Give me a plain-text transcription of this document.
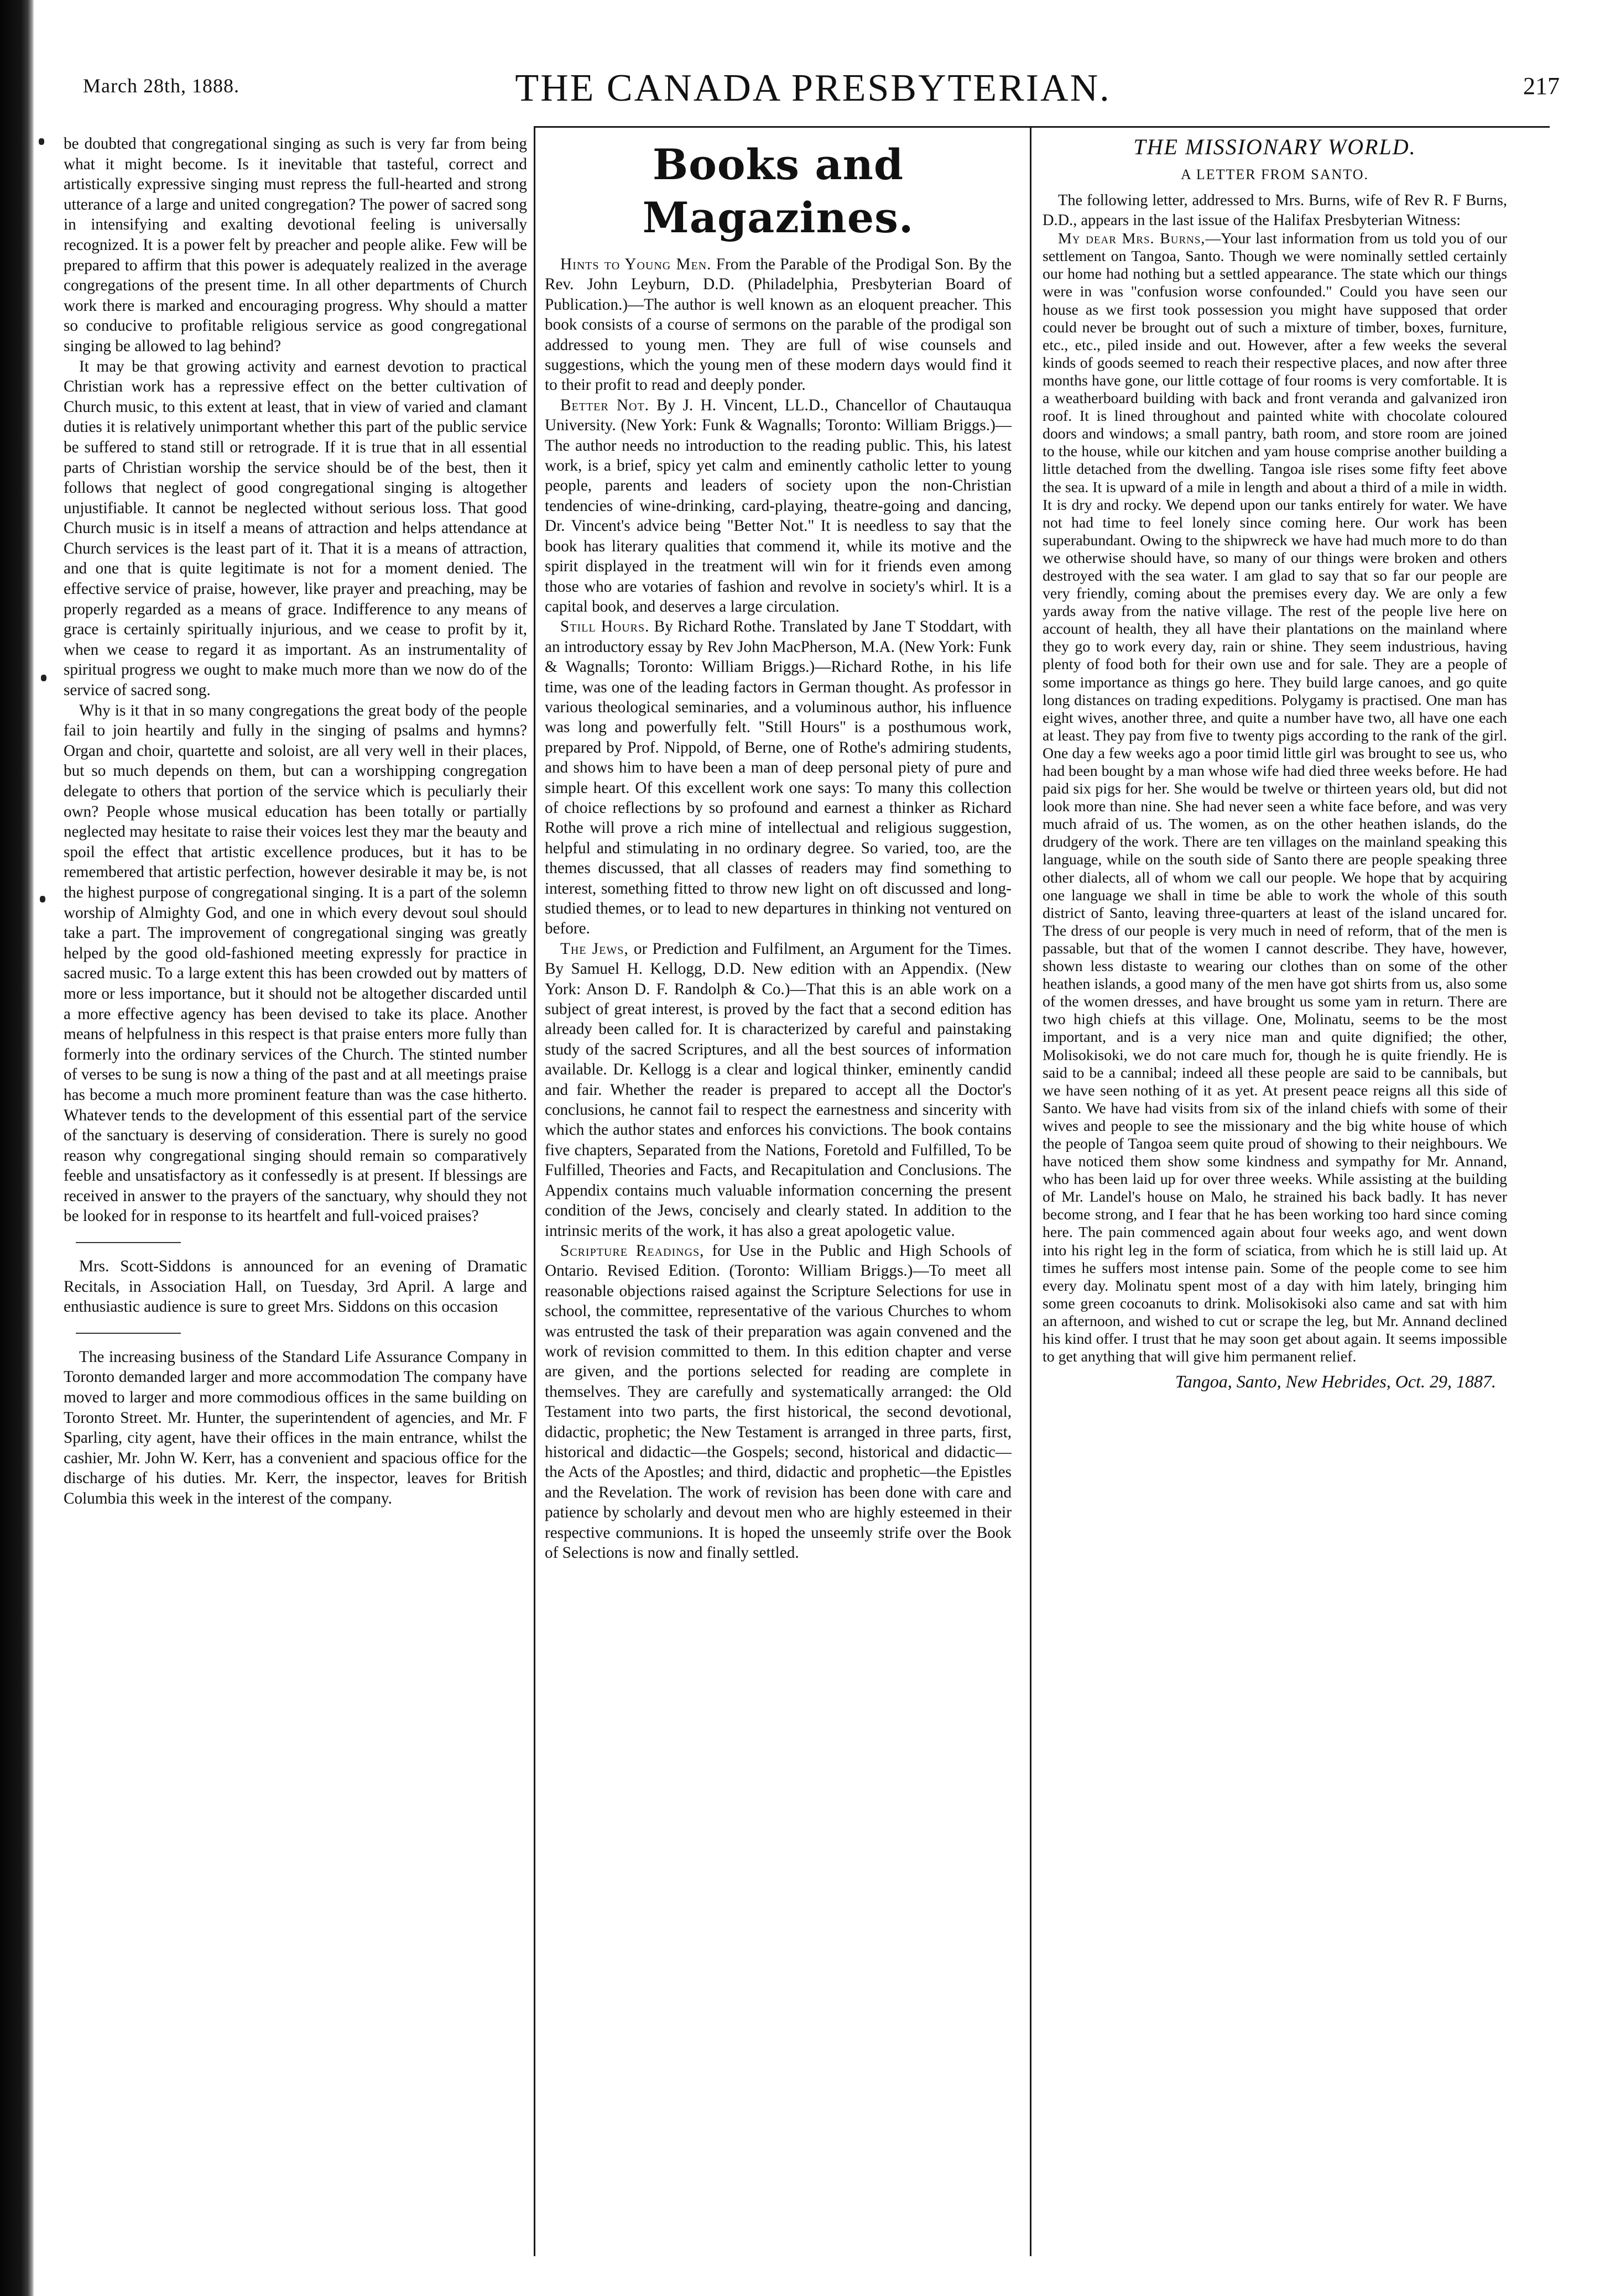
March 28th, 1888.	THE CANADA PRESBYTERIAN.	217

be doubted that congregational singing as such is very far from being what it might become. Is it inevitable that tasteful, correct and artistically expressive singing must repress the full-hearted and strong utterance of a large and united congregation? The power of sacred song in intensifying and exalting devotional feeling is universally recognized. It is a power felt by preacher and people alike. Few will be prepared to affirm that this power is adequately realized in the average congregations of the present time. In all other departments of Church work there is marked and encouraging progress. Why should a matter so conducive to profitable religious service as good congregational singing be allowed to lag behind?

It may be that growing activity and earnest devotion to practical Christian work has a repressive effect on the better cultivation of Church music, to this extent at least, that in view of varied and clamant duties it is relatively unimportant whether this part of the public service be suffered to stand still or retrograde. If it is true that in all essential parts of Christian worship the service should be of the best, then it follows that neglect of good congregational singing is altogether unjustifiable. It cannot be neglected without serious loss. That good Church music is in itself a means of attraction and helps attendance at Church services is the least part of it. That it is a means of attraction, and one that is quite legitimate is not for a moment denied. The effective service of praise, however, like prayer and preaching, may be properly regarded as a means of grace. Indifference to any means of grace is certainly spiritually injurious, and we cease to profit by it, when we cease to regard it as important. As an instrumentality of spiritual progress we ought to make much more than we now do of the service of sacred song.

Why is it that in so many congregations the great body of the people fail to join heartily and fully in the singing of psalms and hymns? Organ and choir, quartette and soloist, are all very well in their places, but so much depends on them, but can a worshipping congregation delegate to others that portion of the service which is peculiarly their own? People whose musical education has been totally or partially neglected may hesitate to raise their voices lest they mar the beauty and spoil the effect that artistic excellence produces, but it has to be remembered that artistic perfection, however desirable it may be, is not the highest purpose of congregational singing. It is a part of the solemn worship of Almighty God, and one in which every devout soul should take a part. The improvement of congregational singing was greatly helped by the good old-fashioned meeting expressly for practice in sacred music. To a large extent this has been crowded out by matters of more or less importance, but it should not be altogether discarded until a more effective agency has been devised to take its place. Another means of helpfulness in this respect is that praise enters more fully than formerly into the ordinary services of the Church. The stinted number of verses to be sung is now a thing of the past and at all meetings praise has become a much more prominent feature than was the case hitherto. Whatever tends to the development of this essential part of the service of the sanctuary is deserving of consideration. There is surely no good reason why congregational singing should remain so comparatively feeble and unsatisfactory as it confessedly is at present. If blessings are received in answer to the prayers of the sanctuary, why should they not be looked for in response to its heartfelt and full-voiced praises?

Mrs. Scott-Siddons is announced for an evening of Dramatic Recitals, in Association Hall, on Tuesday, 3rd April. A large and enthusiastic audience is sure to greet Mrs. Siddons on this occasion

The increasing business of the Standard Life Assurance Company in Toronto demanded larger and more accommodation The company have moved to larger and more commodious offices in the same building on Toronto Street. Mr. Hunter, the superintendent of agencies, and Mr. F Sparling, city agent, have their offices in the main entrance, whilst the cashier, Mr. John W. Kerr, has a convenient and spacious office for the discharge of his duties. Mr. Kerr, the inspector, leaves for British Columbia this week in the interest of the company.

Books and Magazines.

Hints to Young Men. From the Parable of the Prodigal Son. By the Rev. John Leyburn, D.D. (Philadelphia, Presbyterian Board of Publication.)—The author is well known as an eloquent preacher. This book consists of a course of sermons on the parable of the prodigal son addressed to young men. They are full of wise counsels and suggestions, which the young men of these modern days would find it to their profit to read and deeply ponder.

Better Not. By J. H. Vincent, LL.D., Chancellor of Chautauqua University. (New York: Funk & Wagnalls; Toronto: William Briggs.)—The author needs no introduction to the reading public. This, his latest work, is a brief, spicy yet calm and eminently catholic letter to young people, parents and leaders of society upon the non-Christian tendencies of wine-drinking, card-playing, theatre-going and dancing, Dr. Vincent's advice being "Better Not." It is needless to say that the book has literary qualities that commend it, while its motive and the spirit displayed in the treatment will win for it friends even among those who are votaries of fashion and revolve in society's whirl. It is a capital book, and deserves a large circulation.

Still Hours. By Richard Rothe. Translated by Jane T Stoddart, with an introductory essay by Rev John MacPherson, M.A. (New York: Funk & Wagnalls; Toronto: William Briggs.)—Richard Rothe, in his life time, was one of the leading factors in German thought. As professor in various theological seminaries, and a voluminous author, his influence was long and powerfully felt. "Still Hours" is a posthumous work, prepared by Prof. Nippold, of Berne, one of Rothe's admiring students, and shows him to have been a man of deep personal piety of pure and simple heart. Of this excellent work one says: To many this collection of choice reflections by so profound and earnest a thinker as Richard Rothe will prove a rich mine of intellectual and religious suggestion, helpful and stimulating in no ordinary degree. So varied, too, are the themes discussed, that all classes of readers may find something to interest, something fitted to throw new light on oft discussed and long-studied themes, or to lead to new departures in thinking not ventured on before.

The Jews, or Prediction and Fulfilment, an Argument for the Times. By Samuel H. Kellogg, D.D. New edition with an Appendix. (New York: Anson D. F. Randolph & Co.)—That this is an able work on a subject of great interest, is proved by the fact that a second edition has already been called for. It is characterized by careful and painstaking study of the sacred Scriptures, and all the best sources of information available. Dr. Kellogg is a clear and logical thinker, eminently candid and fair. Whether the reader is prepared to accept all the Doctor's conclusions, he cannot fail to respect the earnestness and sincerity with which the author states and enforces his convictions. The book contains five chapters, Separated from the Nations, Foretold and Fulfilled, To be Fulfilled, Theories and Facts, and Recapitulation and Conclusions. The Appendix contains much valuable information concerning the present condition of the Jews, concisely and clearly stated. In addition to the intrinsic merits of the work, it has also a great apologetic value.

Scripture Readings, for Use in the Public and High Schools of Ontario. Revised Edition. (Toronto: William Briggs.)—To meet all reasonable objections raised against the Scripture Selections for use in school, the committee, representative of the various Churches to whom was entrusted the task of their preparation was again convened and the work of revision committed to them. In this edition chapter and verse are given, and the portions selected for reading are complete in themselves. They are carefully and systematically arranged: the Old Testament into two parts, the first historical, the second devotional, didactic, prophetic; the New Testament is arranged in three parts, first, historical and didactic—the Gospels; second, historical and didactic—the Acts of the Apostles; and third, didactic and prophetic—the Epistles and the Revelation. The work of revision has been done with care and patience by scholarly and devout men who are highly esteemed in their respective communions. It is hoped the unseemly strife over the Book of Selections is now and finally settled.

THE MISSIONARY WORLD.
A LETTER FROM SANTO.

The following letter, addressed to Mrs. Burns, wife of Rev R. F Burns, D.D., appears in the last issue of the Halifax Presbyterian Witness:

My dear Mrs. Burns,—Your last information from us told you of our settlement on Tangoa, Santo. Though we were nominally settled certainly our home had nothing but a settled appearance. The state which our things were in was "confusion worse confounded." Could you have seen our house as we first took possession you might have supposed that order could never be brought out of such a mixture of timber, boxes, furniture, etc., etc., piled inside and out. However, after a few weeks the several kinds of goods seemed to reach their respective places, and now after three months have gone, our little cottage of four rooms is very comfortable. It is a weatherboard building with back and front veranda and galvanized iron roof. It is lined throughout and painted white with chocolate coloured doors and windows; a small pantry, bath room, and store room are joined to the house, while our kitchen and yam house comprise another building a little detached from the dwelling. Tangoa isle rises some fifty feet above the sea. It is upward of a mile in length and about a third of a mile in width. It is dry and rocky. We depend upon our tanks entirely for water. We have not had time to feel lonely since coming here. Our work has been superabundant. Owing to the shipwreck we have had much more to do than we otherwise should have, so many of our things were broken and others destroyed with the sea water. I am glad to say that so far our people are very friendly, coming about the premises every day. We are only a few yards away from the native village. The rest of the people live here on account of health, they all have their plantations on the mainland where they go to work every day, rain or shine. They seem industrious, having plenty of food both for their own use and for sale. They are a people of some importance as things go here. They build large canoes, and go quite long distances on trading expeditions. Polygamy is practised. One man has eight wives, another three, and quite a number have two, all have one each at least. They pay from five to twenty pigs according to the rank of the girl. One day a few weeks ago a poor timid little girl was brought to see us, who had been bought by a man whose wife had died three weeks before. He had paid six pigs for her. She would be twelve or thirteen years old, but did not look more than nine. She had never seen a white face before, and was very much afraid of us. The women, as on the other heathen islands, do the drudgery of the work. There are ten villages on the mainland speaking this language, while on the south side of Santo there are people speaking three other dialects, all of whom we call our people. We hope that by acquiring one language we shall in time be able to work the whole of this south district of Santo, leaving three-quarters at least of the island uncared for. The dress of our people is very much in need of reform, that of the men is passable, but that of the women I cannot describe. They have, however, shown less distaste to wearing our clothes than on some of the other heathen islands, a good many of the men have got shirts from us, also some of the women dresses, and have brought us some yam in return. There are two high chiefs at this village. One, Molinatu, seems to be the most important, and is a very nice man and quite dignified; the other, Molisokisoki, we do not care much for, though he is quite friendly. He is said to be a cannibal; indeed all these people are said to be cannibals, but we have seen nothing of it as yet. At present peace reigns all this side of Santo. We have had visits from six of the inland chiefs with some of their wives and people to see the missionary and the big white house of which the people of Tangoa seem quite proud of showing to their neighbours. We have noticed them show some kindness and sympathy for Mr. Annand, who has been laid up for over three weeks. While assisting at the building of Mr. Landel's house on Malo, he strained his back badly. It has never become strong, and I fear that he has been working too hard since coming here. The pain commenced again about four weeks ago, and went down into his right leg in the form of sciatica, from which he is still laid up. At times he suffers most intense pain. Some of the people come to see him every day. Molinatu spent most of a day with him lately, bringing him some green cocoanuts to drink. Molisokisoki also came and sat with him an afternoon, and wished to cut or scrape the leg, but Mr. Annand declined his kind offer. I trust that he may soon get about again. It seems impossible to get anything that will give him permanent relief.

Tangoa, Santo, New Hebrides, Oct. 29, 1887.
